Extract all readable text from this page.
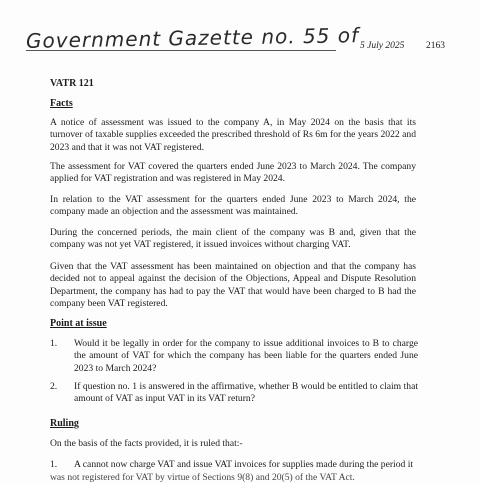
Government Gazette no. 55 of 5 July 2025 2163
VATR 121
Facts
A notice of assessment was issued to the company A, in May 2024 on the basis that its turnover of taxable supplies exceeded the prescribed threshold of Rs 6m for the years 2022 and 2023 and that it was not VAT registered.
The assessment for VAT covered the quarters ended June 2023 to March 2024. The company applied for VAT registration and was registered in May 2024.
In relation to the VAT assessment for the quarters ended June 2023 to March 2024, the company made an objection and the assessment was maintained.
During the concerned periods, the main client of the company was B and, given that the company was not yet VAT registered, it issued invoices without charging VAT.
Given that the VAT assessment has been maintained on objection and that the company has decided not to appeal against the decision of the Objections, Appeal and Dispute Resolution Department, the company has had to pay the VAT that would have been charged to B had the company been VAT registered.
Point at issue
1. Would it be legally in order for the company to issue additional invoices to B to charge the amount of VAT for which the company has been liable for the quarters ended June 2023 to March 2024?
2. If question no. 1 is answered in the affirmative, whether B would be entitled to claim that amount of VAT as input VAT in its VAT return?
Ruling
On the basis of the facts provided, it is ruled that:-
1. A cannot now charge VAT and issue VAT invoices for supplies made during the period it
was not registered for VAT by virtue of Sections 9(8) and 20(5) of the VAT Act.
